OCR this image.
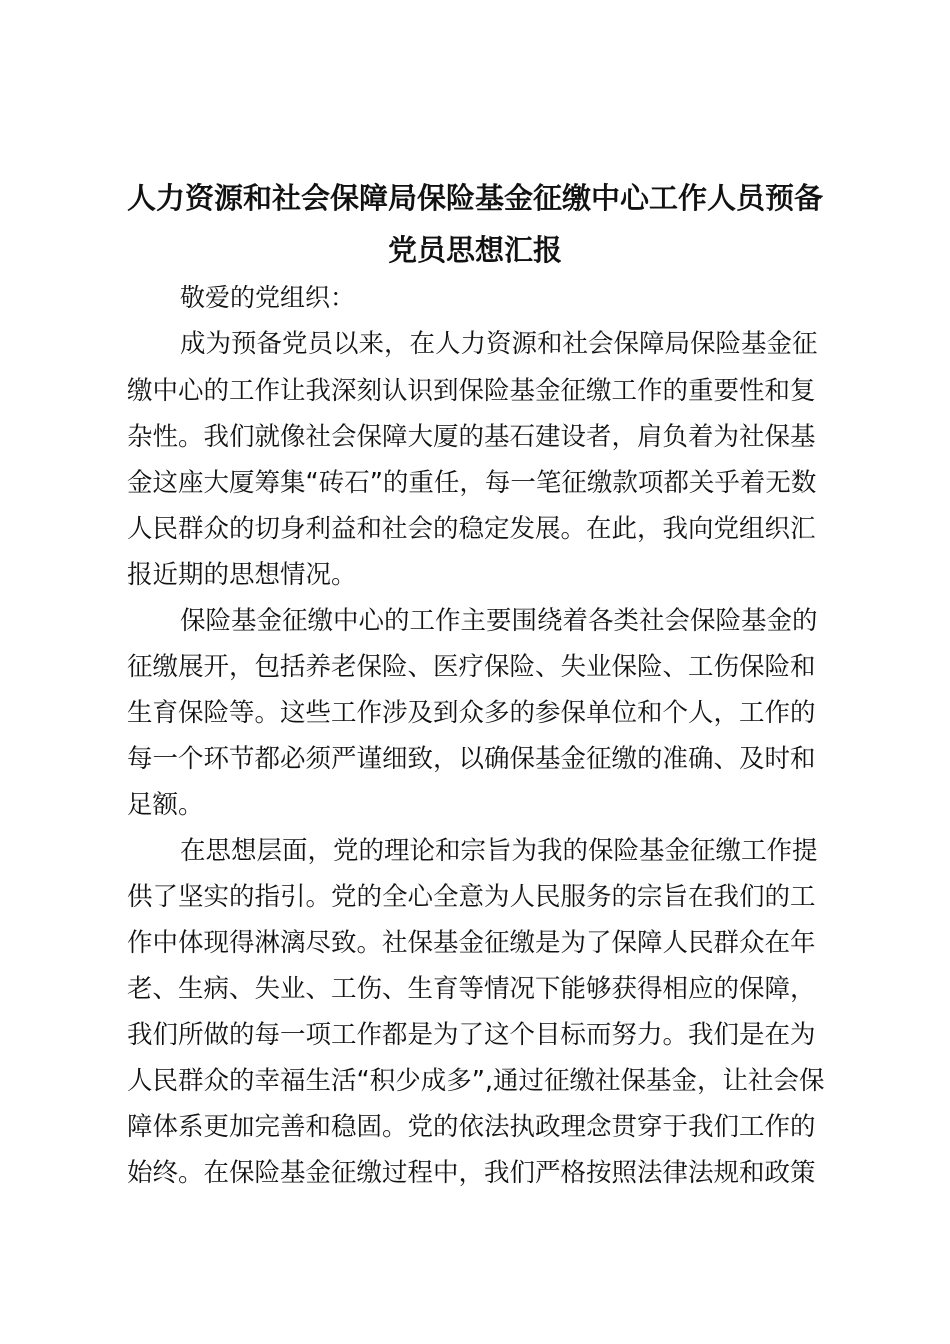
人力资源和社会保障局保险基金征缴中心工作人员预备党员思想汇报
敬爱的党组织：
成为预备党员以来，在人力资源和社会保障局保险基金征
缴中心的工作让我深刻认识到保险基金征缴工作的重要性和复
杂性。我们就像社会保障大厦的基石建设者，肩负着为社保基
金这座大厦筹集“砖石”的重任，每一笔征缴款项都关乎着无数
人民群众的切身利益和社会的稳定发展。在此，我向党组织汇
报近期的思想情况。
保险基金征缴中心的工作主要围绕着各类社会保险基金的
征缴展开，包括养老保险、医疗保险、失业保险、工伤保险和
生育保险等。这些工作涉及到众多的参保单位和个人，工作的
每一个环节都必须严谨细致，以确保基金征缴的准确、及时和
足额。
在思想层面，党的理论和宗旨为我的保险基金征缴工作提
供了坚实的指引。党的全心全意为人民服务的宗旨在我们的工
作中体现得淋漓尽致。社保基金征缴是为了保障人民群众在年
老、生病、失业、工伤、生育等情况下能够获得相应的保障，
我们所做的每一项工作都是为了这个目标而努力。我们是在为
人民群众的幸福生活“积少成多”,通过征缴社保基金，让社会保
障体系更加完善和稳固。党的依法执政理念贯穿于我们工作的
始终。在保险基金征缴过程中，我们严格按照法律法规和政策
